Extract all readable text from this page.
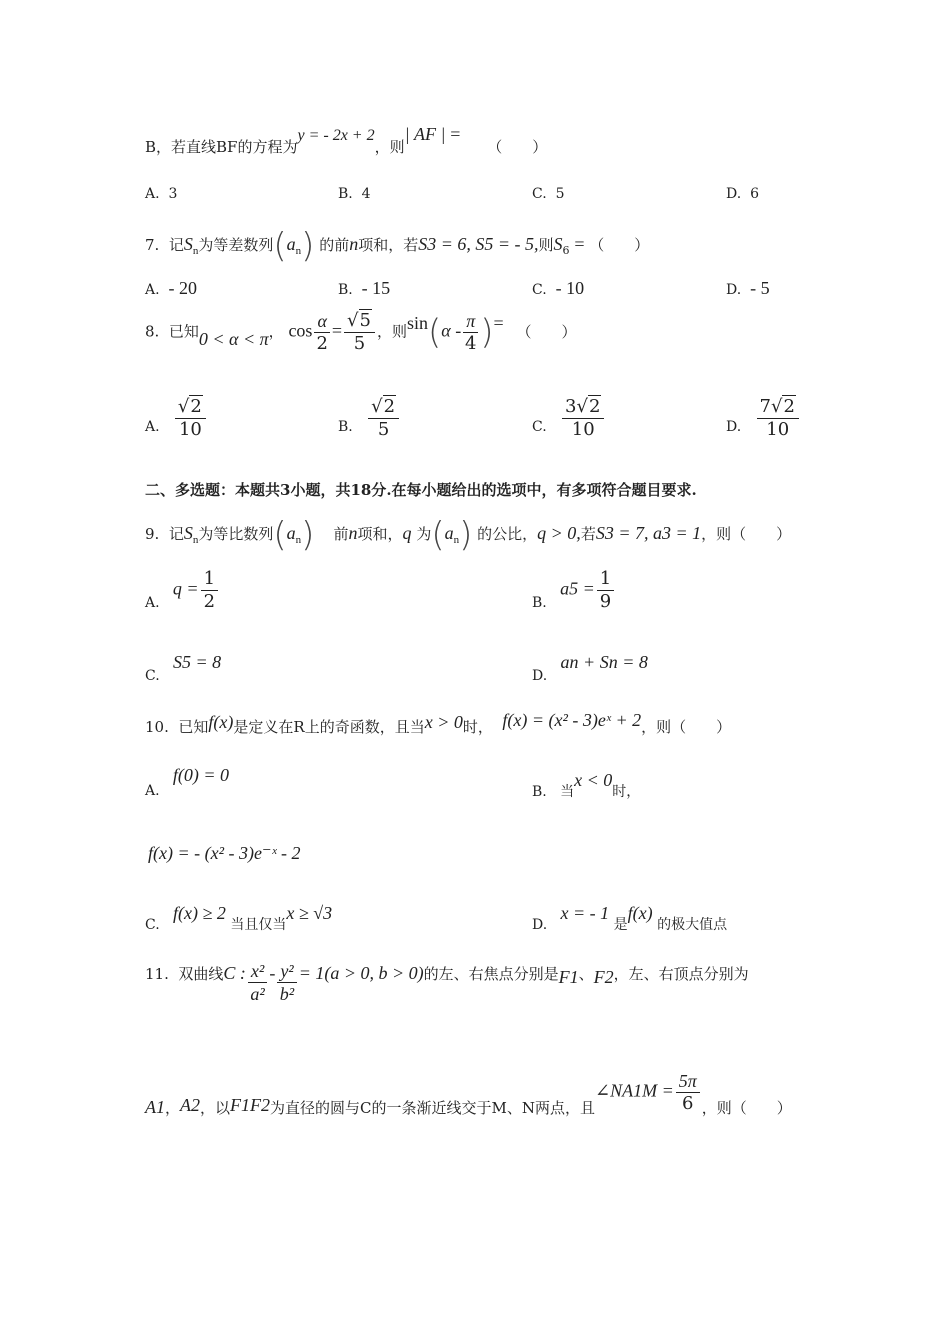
B，若直线BF的方程为y = - 2x + 2，则| AF | = （　　）
A. 3	B. 4	C. 5	D. 6
7. 记$S_n$为等差数列$(a_n)$ 的前n项和，若S3 = 6, S5 = - 5,则$S_6$ = （　　）
A. - 20	B. - 15	C. - 10	D. - 5
8. 已知0 < α < π， $\cos \frac{\alpha}{2} = \frac{√5}{5}$ ，则$\sin(\alpha - \frac{\pi}{4}$ )= （　　）
A. $\frac{√2}{10}$	B. $\frac{√2}{5}$	C. $\frac{3√2}{10}$	D. $\frac{7√2}{10}$
二、多选题：本题共3小题，共18分.在每小题给出的选项中，有多项符合题目要求.
9. 记$S_n$为等比数列$(a_n)$ 前n项和，q 为$(a_n)$ 的公比，q > 0,若S3 = 7, a3 = 1，则（　　）
A.   $q = \frac{1}{2}$	B.   $a5 = \frac{1}{9}$
C.   S5 = 8
D.   an + Sn = 8
10. 已知f(x)是定义在R上的奇函数，且当x > 0时， f(x) = (x² - 3)eˣ + 2，则（　　）
A.   f(0) = 0
B. 当x < 0时，
f(x) = - (x² - 3)e⁻ˣ - 2
C.   f(x) ≥ 2 当且仅当x ≥ √3
D.   x = - 1 是f(x) 的极大值点
11. 双曲线C : $\frac{\text{x²}}{\text{a²}} - \frac{\text{y²}}{\text{b²}} = 1(a > 0$, b > 0)的左、右焦点分别是F1、F2，左、右顶点分别为
A1，A2，以F1F2为直径的圆与C的一条渐近线交于M、N两点，且∠NA1M = $\frac{5\pi}{6}$ ，则（　　）
